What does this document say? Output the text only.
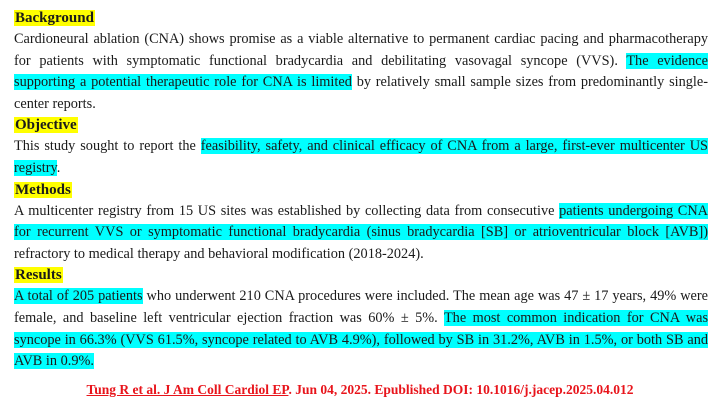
Background

Cardioneural ablation (CNA) shows promise as a viable alternative to permanent cardiac pacing and pharmacotherapy for patients with symptomatic functional bradycardia and debilitating vasovagal syncope (VVS). The evidence supporting a potential therapeutic role for CNA is limited by relatively small sample sizes from predominantly single-center reports.

Objective

This study sought to report the feasibility, safety, and clinical efficacy of CNA from a large, first-ever multicenter US registry.

Methods

A multicenter registry from 15 US sites was established by collecting data from consecutive patients undergoing CNA for recurrent VVS or symptomatic functional bradycardia (sinus bradycardia [SB] or atrioventricular block [AVB]) refractory to medical therapy and behavioral modification (2018-2024).

Results

A total of 205 patients who underwent 210 CNA procedures were included. The mean age was 47 ± 17 years, 49% were female, and baseline left ventricular ejection fraction was 60% ± 5%. The most common indication for CNA was syncope in 66.3% (VVS 61.5%, syncope related to AVB 4.9%), followed by SB in 31.2%, AVB in 1.5%, or both SB and AVB in 0.9%.

Tung R et al. J Am Coll Cardiol EP. Jun 04, 2025. Epublished DOI: 10.1016/j.jacep.2025.04.012
